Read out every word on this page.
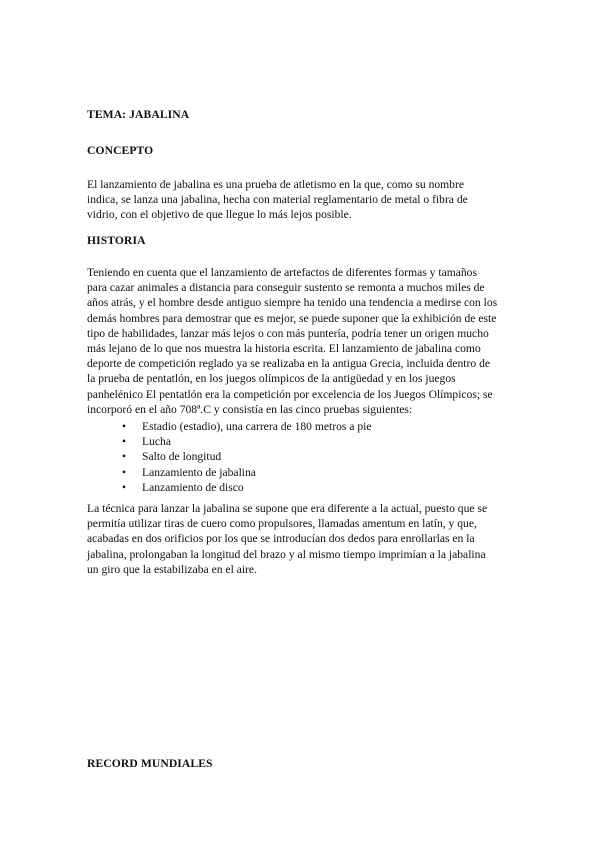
TEMA: JABALINA
CONCEPTO

El lanzamiento de jabalina es una prueba de atletismo en la que, como su nombre

indica, se lanza una jabalina, hecha con material reglamentario de metal o fibra de

vidrio, con el objetivo de que llegue lo más lejos posible.

HISTORIA

Teniendo en cuenta que el lanzamiento de artefactos de diferentes formas y tamaños

para cazar animales a distancia para conseguir sustento se remonta a muchos miles de

años atrás, y el hombre desde antiguo siempre ha tenido una tendencia a medirse con los

demás hombres para demostrar que es mejor, se puede suponer que la exhibición de este

tipo de habilidades, lanzar más lejos o con más puntería, podría tener un origen mucho

más lejano de lo que nos muestra la historia escrita. El lanzamiento de jabalina como

deporte de competición reglado ya se realizaba en la antigua Grecia, incluida dentro de

la prueba de pentatlón, en los juegos olímpicos de la antigüedad y en los juegos

panhelénico El pentatlón era la competición por excelencia de los Juegos Olímpicos; se

incorporó en el año 708ª.C y consistía en las cinco pruebas siguientes:

• Estadio (estadio), una carrera de 180 metros a pie
• Lucha
• Salto de longitud
• Lanzamiento de jabalina
• Lanzamiento de disco

La técnica para lanzar la jabalina se supone que era diferente a la actual, puesto que se

permitía utilizar tiras de cuero como propulsores, llamadas amentum en latín, y que,

acabadas en dos orificios por los que se introducían dos dedos para enrollarlas en la

jabalina, prolongaban la longitud del brazo y al mismo tiempo imprimían a la jabalina

un giro que la estabilizaba en el aire.

RECORD MUNDIALES
